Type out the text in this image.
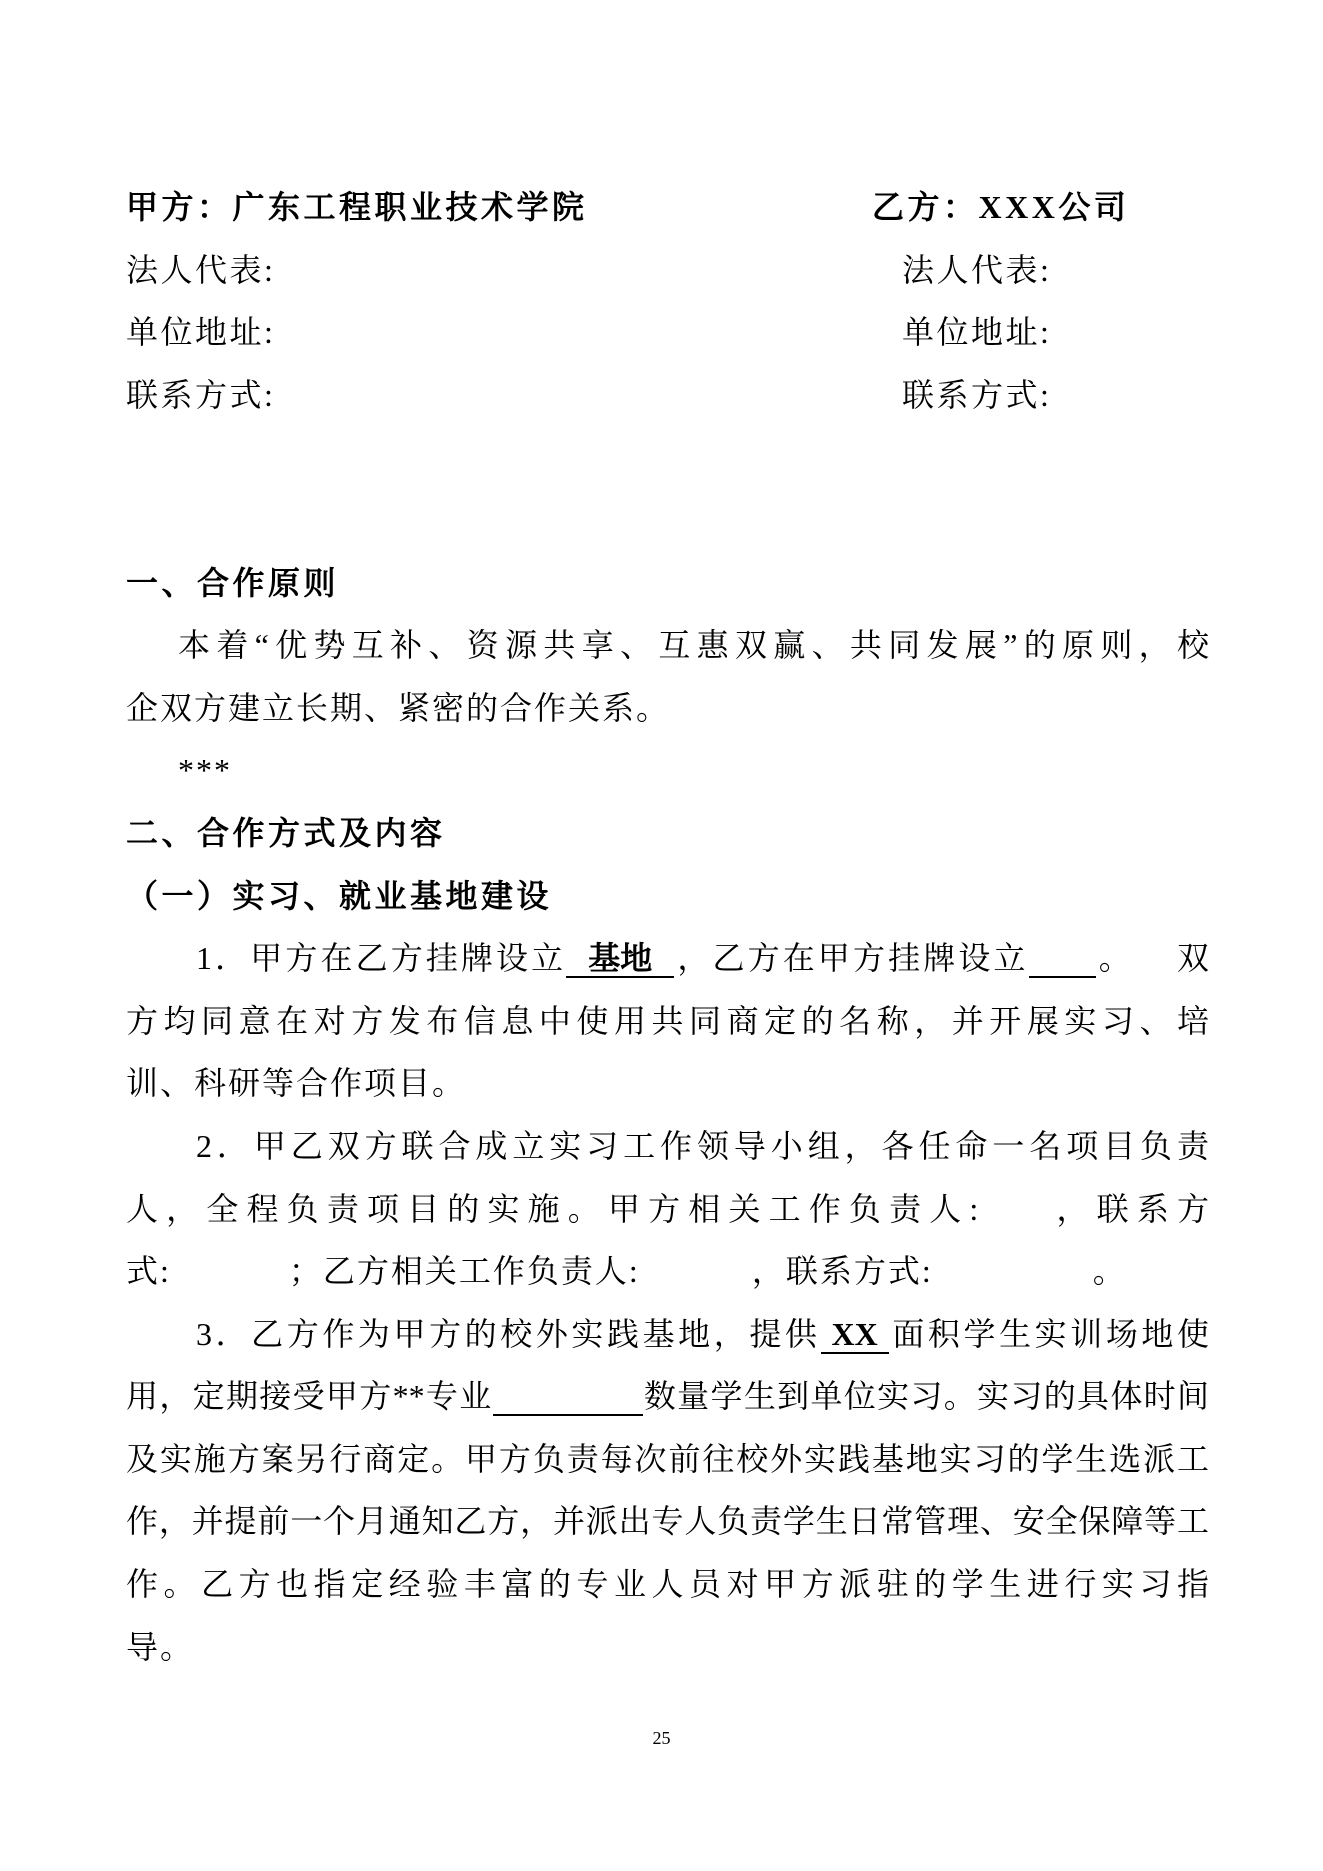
甲方：广东工程职业技术学院	乙方：XXX公司
法人代表:	法人代表:
单位地址:	单位地址:
联系方式:	联系方式:
一、合作原则
本着“优势互补、资源共享、互惠双赢、共同发展”的原则，校
企双方建立长期、紧密的合作关系。
***
二、合作方式及内容
（一）实习、就业基地建设
1．甲方在乙方挂牌设立 基地 ，乙方在甲方挂牌设立 。 双
方均同意在对方发布信息中使用共同商定的名称，并开展实习、培
训、科研等合作项目。
2．甲乙双方联合成立实习工作领导小组，各任命一名项目负责
人，全程负责项目的实施。甲方相关工作负责人: ，联系方
式:	；乙方相关工作负责人:	，联系方式:	。
3．乙方作为甲方的校外实践基地，提供 XX 面积学生实训场地使
用，定期接受甲方**专业	数量学生到单位实习。实习的具体时间
及实施方案另行商定。甲方负责每次前往校外实践基地实习的学生选派工
作，并提前一个月通知乙方，并派出专人负责学生日常管理、安全保障等工
作。乙方也指定经验丰富的专业人员对甲方派驻的学生进行实习指
导。
25
